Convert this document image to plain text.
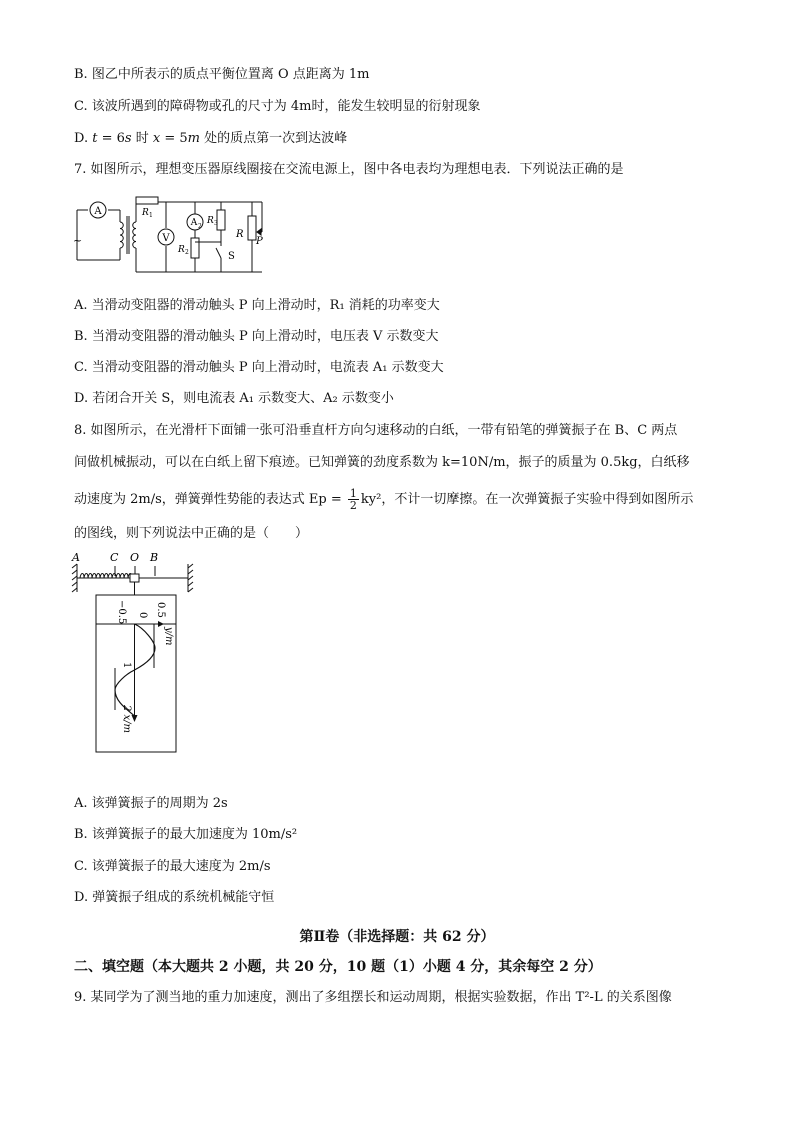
B. 图乙中所表示的质点平衡位置离 O 点距离为 1m
C. 该波所遇到的障碍物或孔的尺寸为 4m时，能发生较明显的衍射现象
D. t = 6s 时 x = 5m 处的质点第一次到达波峰
7. 如图所示，理想变压器原线圈接在交流电源上，图中各电表均为理想电表．下列说法正确的是
A
V
A 2
~
R 1
R 2
R 3
R
P
S
A. 当滑动变阻器的滑动触头 P 向上滑动时，R₁ 消耗的功率变大
B. 当滑动变阻器的滑动触头 P 向上滑动时，电压表 V 示数变大
C. 当滑动变阻器的滑动触头 P 向上滑动时，电流表 A₁ 示数变大
D. 若闭合开关 S，则电流表 A₁ 示数变大、A₂ 示数变小
8. 如图所示，在光滑杆下面铺一张可沿垂直杆方向匀速移动的白纸，一带有铅笔的弹簧振子在 B、C 两点
间做机械振动，可以在白纸上留下痕迹。已知弹簧的劲度系数为 k=10N/m，振子的质量为 0.5kg，白纸移
动速度为 2m/s，弹簧弹性势能的表达式 $Ep = \frac{1}{2} ky^2$，不计一切摩擦。在一次弹簧振子实验中得到如图所示
的图线，则下列说法中正确的是（　　）
A	C O B
−0.5	0.5
0
y/m
1
2 x/m
A. 该弹簧振子的周期为 2s
B. 该弹簧振子的最大加速度为 10m/s²
C. 该弹簧振子的最大速度为 2m/s
D. 弹簧振子组成的系统机械能守恒
第Ⅱ卷（非选择题：共 62 分）
二、填空题（本大题共 2 小题，共 20 分，10 题（1）小题 4 分，其余每空 2 分）
9. 某同学为了测当地的重力加速度，测出了多组摆长和运动周期，根据实验数据，作出 T²-L 的关系图像
